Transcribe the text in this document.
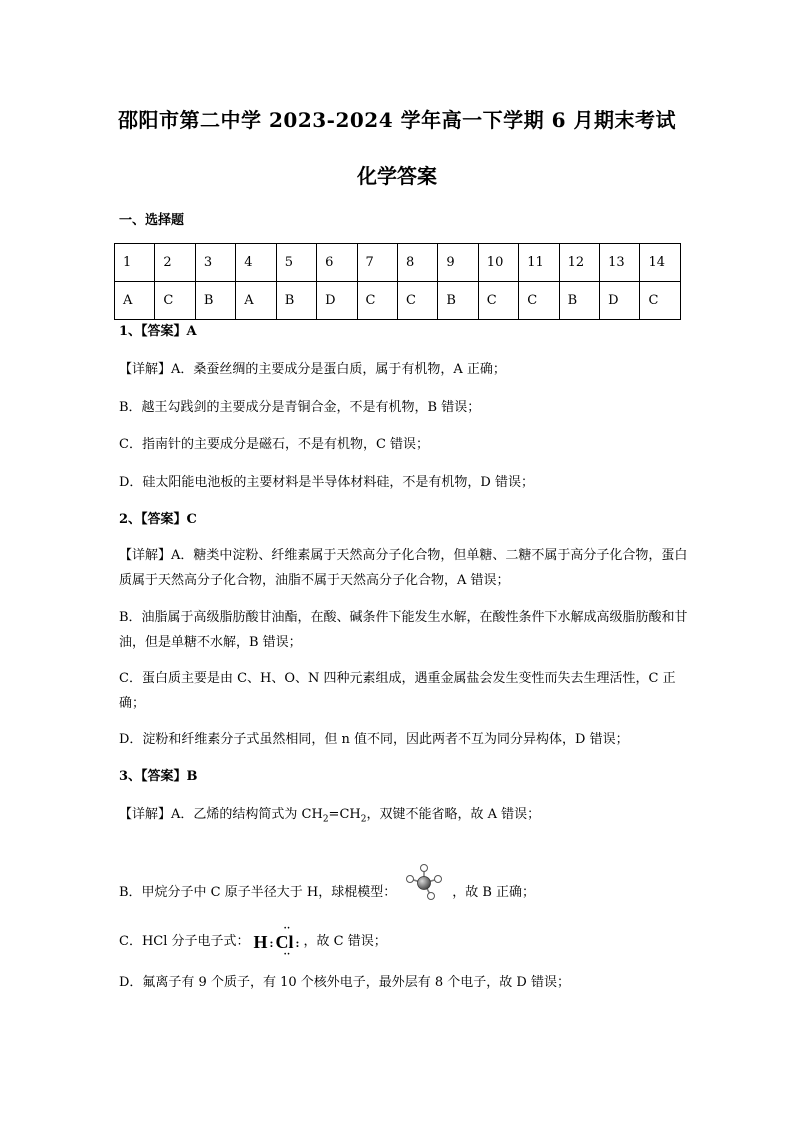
邵阳市第二中学 2023-2024 学年高一下学期 6 月期末考试
化学答案
一、选择题
1	2	3	4	5	6	7	8	9	10	11	12	13	14
A	C	B	A	B	D	C	C	B	C	C	B	D	C
1、【答案】A
【详解】A．桑蚕丝绸的主要成分是蛋白质，属于有机物，A 正确；
B．越王勾践剑的主要成分是青铜合金，不是有机物，B 错误；
C．指南针的主要成分是磁石，不是有机物，C 错误；
D．硅太阳能电池板的主要材料是半导体材料硅，不是有机物，D 错误；
2、【答案】C
【详解】A．糖类中淀粉、纤维素属于天然高分子化合物，但单糖、二糖不属于高分子化合物，蛋白质属于天然高分子化合物，油脂不属于天然高分子化合物，A 错误；
B．油脂属于高级脂肪酸甘油酯，在酸、碱条件下能发生水解，在酸性条件下水解成高级脂肪酸和甘油，但是单糖不水解，B 错误；
C．蛋白质主要是由 C、H、O、N 四种元素组成，遇重金属盐会发生变性而失去生理活性，C 正确；
D．淀粉和纤维素分子式虽然相同，但 n 值不同，因此两者不互为同分异构体，D 错误；
3、【答案】B
【详解】A．乙烯的结构简式为 $CH_2=CH_2$，双键不能省略，故 A 错误；
B．甲烷分子中 C 原子半径大于 H，球棍模型：	，故 B 正确；
C．HCl 分子电子式： H : Cl :
··
··
，故 C 错误；
D．氟离子有 9 个质子，有 10 个核外电子，最外层有 8 个电子，故 D 错误；
